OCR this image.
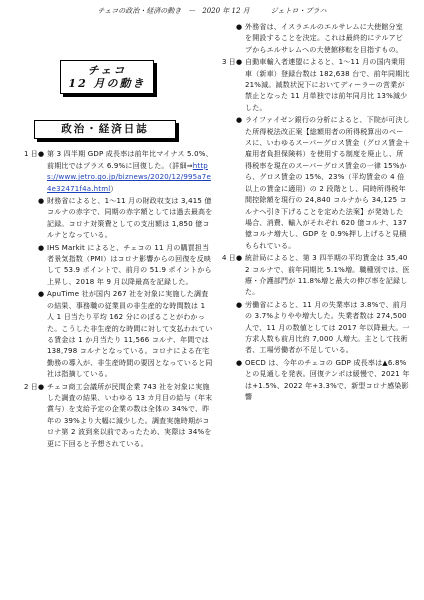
チェコの政治・経済の動き　ー　2020 年 12 月　　　ジェトロ・プラハ
チェコ
12 月の動き
政治・経済日誌
1 日 ● 第 3 四半期 GDP 成長率は前年比マイナス 5.0%、前期比ではプラス 6.9%に回復した。（詳細⇒https://www.jetro.go.jp/biznews/2020/12/995a7e4e32471f4a.html）
● 財務省によると、1～11 月の財政収支は 3,415 億コルナの赤字で、同期の赤字額としては過去最高を記録。コロナ対策費としての支出額は 1,850 億コルナとなっている。
● IHS Markit によると、チェコの 11 月の購買担当者景気指数（PMI）はコロナ影響からの回復を反映して 53.9 ポイントで、前月の 51.9 ポイントから上昇し、2018 年 9 月以降最高を記録した。
● ApuTime 社が国内 267 社を対象に実施した調査の結果、事務職の従業員の非生産的な時間数は 1 人 1 日当たり平均 162 分にのぼることがわかった。こうした非生産的な時間に対して支払われている賃金は 1 か月当たり 11,566 コルナ、年間では 138,798 コルナとなっている。コロナによる在宅勤務の導入が、非生産時間の要因となっていると同社は指摘している。
2 日 ● チェコ商工会議所が民間企業 743 社を対象に実施した調査の結果、いわゆる 13 カ月目の給与（年末賞与）を支給予定の企業の数は全体の 34%で、昨年の 39%より大幅に減少した。調査実施時期がコロナ第 2 波到来以前であったため、実際は 34%を更に下回ると予想されている。
● 外務省は、イスラエルのエルサレムに大使館分室を開設することを決定。これは最終的にテルアビブからエルサレムへの大使館移転を目指すもの。
3 日 ● 自動車輸入者連盟によると、1～11 月の国内乗用車（新車）登録台数は 182,638 台で、前年同期比 21%減。減数状況下においてディーラーの営業が禁止となった 11 月単独では前年同月比 13%減少した。
● ライファイゼン銀行の分析によると、下院が可決した所得税法改正案【総額用者の所得税算出のベースに、いわゆるスーパーグロス賃金（グロス賃金＋雇用者負担保険料）を使用する制度を廃止し、所得税率を現在のスーパーグロス賃金の一律 15%から、グロス賃金の 15%、23%（平均賃金の 4 倍以上の賃金に適用）の 2 段階とし、同時所得税年間控除額を現行の 24,840 コルナから 34,125 コルナへ引き下げることを定めた法案】が発効した場合、消費、輸入がそれぞれ 620 億コルナ、137 億コルナ増大し、GDP を 0.9%押し上げると見積もられている。
4 日 ● 統計局によると、第 3 四半期の平均賃金は 35,402 コルナで、前年同期比 5.1%増。職種別では、医療・介護部門が 11.8%増と最大の伸び率を記録した。
● 労働省によると、11 月の失業率は 3.8%で、前月の 3.7%よりやや増大した。失業者数は 274,500 人で、11 月の数値としては 2017 年以降最大。一方求人数も前月比約 7,000 人増大。主として技術者、工場労働者が不足している。
● OECD は、今年のチェコの GDP 成長率は▲6.8%との見通しを発表。回復テンポは緩慢で、2021 年は+1.5%、2022 年+3.3%で、新型コロナ感染影響
